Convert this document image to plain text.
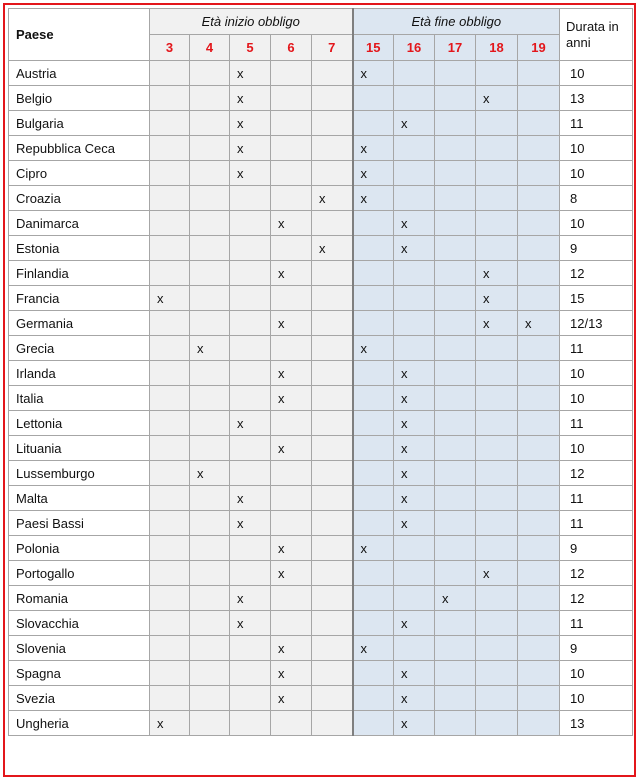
Paese	Età inizio obbligo					Età fine obbligo					Durata in anni
	3	4	5	6	7	15	16	17	18	19	
Austria			x			x					10
Belgio			x						x		13
Bulgaria			x				x				11
Repubblica Ceca			x			x					10
Cipro			x			x					10
Croazia					x	x					8
Danimarca				x			x				10
Estonia					x		x				9
Finlandia				x					x		12
Francia	x								x		15
Germania				x					x	x	12/13
Grecia		x				x					11
Irlanda				x			x				10
Italia				x			x				10
Lettonia			x				x				11
Lituania				x			x				10
Lussemburgo		x					x				12
Malta			x				x				11
Paesi Bassi			x				x				11
Polonia				x		x					9
Portogallo				x					x		12
Romania			x					x			12
Slovacchia			x				x				11
Slovenia				x		x					9
Spagna				x			x				10
Svezia				x			x				10
Ungheria	x						x				13
